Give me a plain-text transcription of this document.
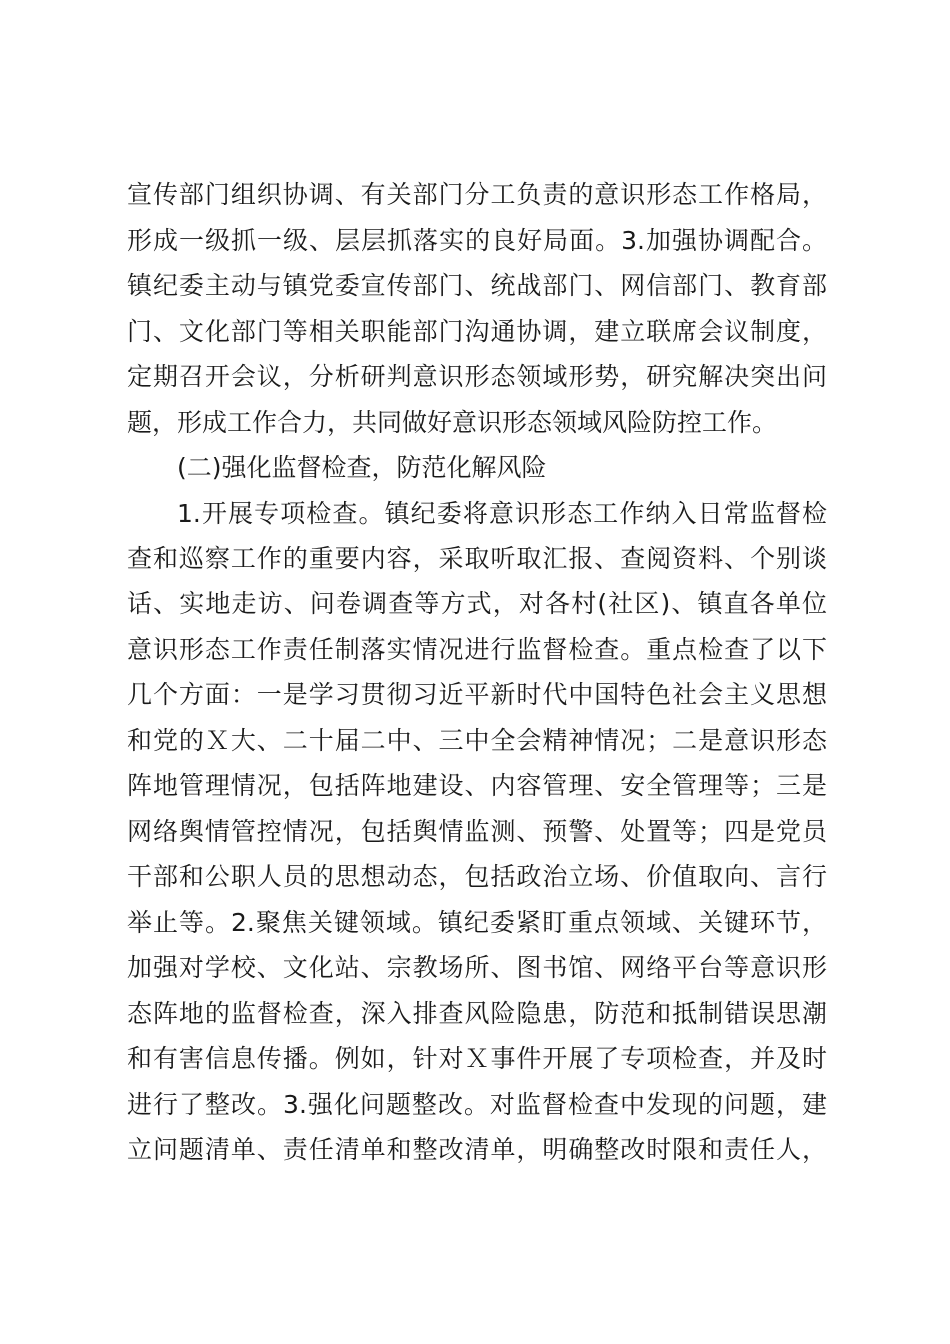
宣传部门组织协调、有关部门分工负责的意识形态工作格局，
形成一级抓一级、层层抓落实的良好局面。3.加强协调配合。
镇纪委主动与镇党委宣传部门、统战部门、网信部门、教育部
门、文化部门等相关职能部门沟通协调，建立联席会议制度，
定期召开会议，分析研判意识形态领域形势，研究解决突出问
题，形成工作合力，共同做好意识形态领域风险防控工作。
(二)强化监督检查，防范化解风险
1.开展专项检查。镇纪委将意识形态工作纳入日常监督检
查和巡察工作的重要内容，采取听取汇报、查阅资料、个别谈
话、实地走访、问卷调查等方式，对各村(社区)、镇直各单位
意识形态工作责任制落实情况进行监督检查。重点检查了以下
几个方面：一是学习贯彻习近平新时代中国特色社会主义思想
和党的Ｘ大、二十届二中、三中全会精神情况；二是意识形态
阵地管理情况，包括阵地建设、内容管理、安全管理等；三是
网络舆情管控情况，包括舆情监测、预警、处置等；四是党员
干部和公职人员的思想动态，包括政治立场、价值取向、言行
举止等。2.聚焦关键领域。镇纪委紧盯重点领域、关键环节，
加强对学校、文化站、宗教场所、图书馆、网络平台等意识形
态阵地的监督检查，深入排查风险隐患，防范和抵制错误思潮
和有害信息传播。例如，针对Ｘ事件开展了专项检查，并及时
进行了整改。3.强化问题整改。对监督检查中发现的问题，建
立问题清单、责任清单和整改清单，明确整改时限和责任人，
